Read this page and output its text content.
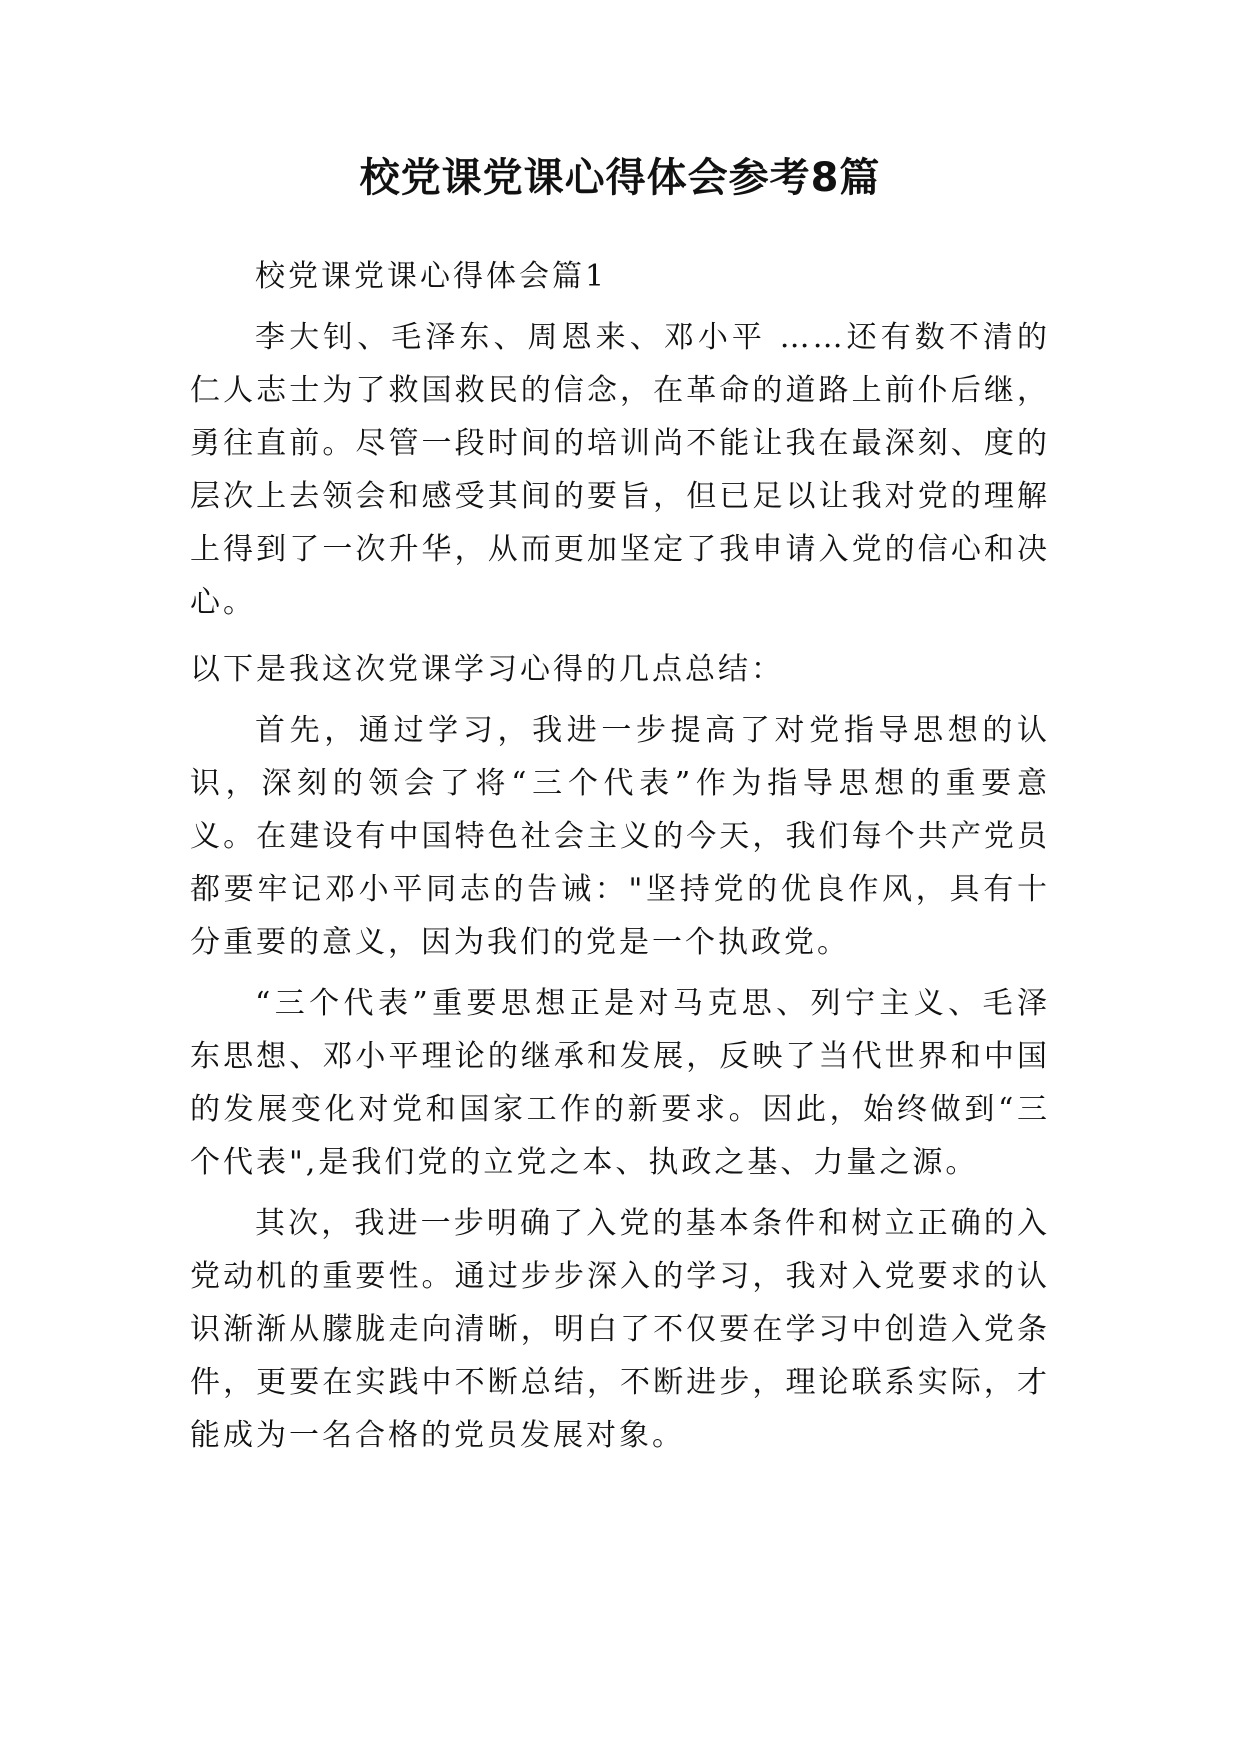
校党课党课心得体会参考8篇

校党课党课心得体会篇1

李大钊、毛泽东、周恩来、邓小平 ……还有数不清的仁人志士为了救国救民的信念，在革命的道路上前仆后继，勇往直前。尽管一段时间的培训尚不能让我在最深刻、度的层次上去领会和感受其间的要旨，但已足以让我对党的理解上得到了一次升华，从而更加坚定了我申请入党的信心和决心。

以下是我这次党课学习心得的几点总结：

首先，通过学习，我进一步提高了对党指导思想的认识，深刻的领会了将“三个代表”作为指导思想的重要意义。在建设有中国特色社会主义的今天，我们每个共产党员都要牢记邓小平同志的告诫："坚持党的优良作风，具有十分重要的意义，因为我们的党是一个执政党。

“三个代表”重要思想正是对马克思、列宁主义、毛泽东思想、邓小平理论的继承和发展，反映了当代世界和中国的发展变化对党和国家工作的新要求。因此，始终做到“三个代表",是我们党的立党之本、执政之基、力量之源。

其次，我进一步明确了入党的基本条件和树立正确的入党动机的重要性。通过步步深入的学习，我对入党要求的认识渐渐从朦胧走向清晰，明白了不仅要在学习中创造入党条件，更要在实践中不断总结，不断进步，理论联系实际，才能成为一名合格的党员发展对象。
